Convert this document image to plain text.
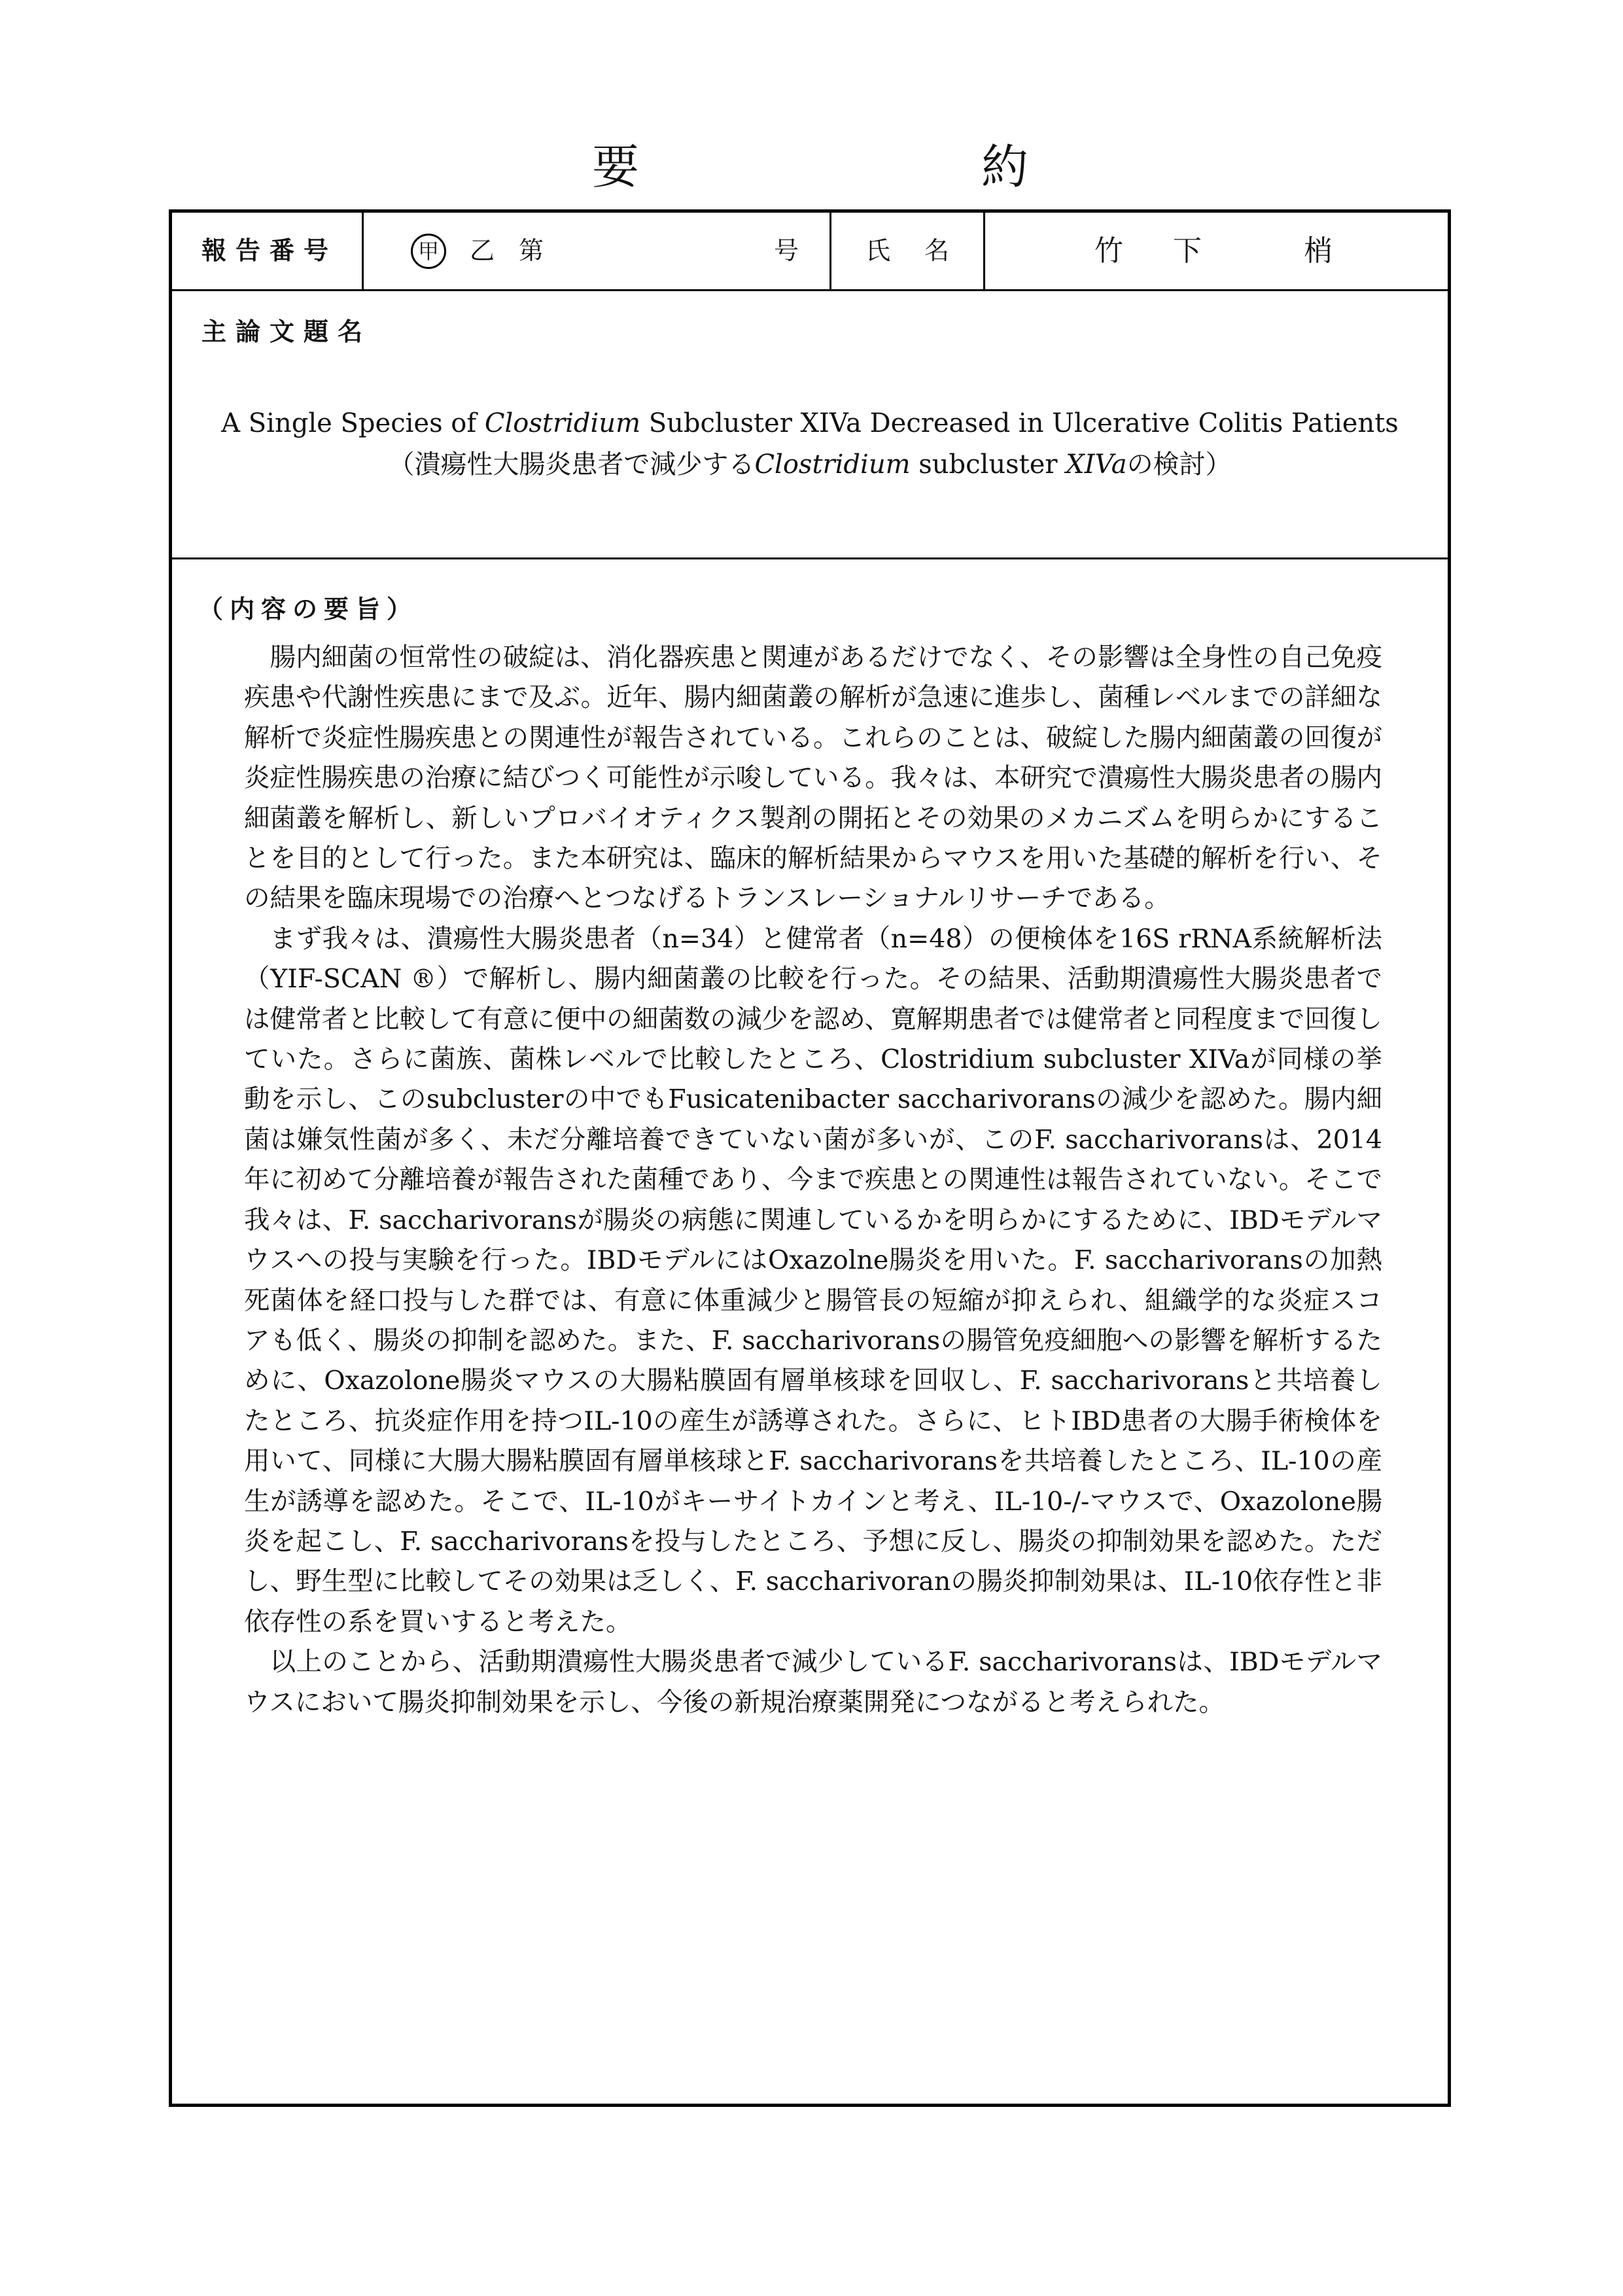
要	約
報告番号	甲 乙 第	号	氏 名	竹 下	梢
主論文題名
A Single Species of Clostridium Subcluster XIVa Decreased in Ulcerative Colitis Patients
（潰瘍性大腸炎患者で減少するClostridium subcluster XIVaの検討）
（内容の要旨）

腸内細菌の恒常性の破綻は、消化器疾患と関連があるだけでなく、その影響は全身性の自己免疫疾患や代謝性疾患にまで及ぶ。近年、腸内細菌叢の解析が急速に進歩し、菌種レベルまでの詳細な解析で炎症性腸疾患との関連性が報告されている。これらのことは、破綻した腸内細菌叢の回復が炎症性腸疾患の治療に結びつく可能性が示唆している。我々は、本研究で潰瘍性大腸炎患者の腸内細菌叢を解析し、新しいプロバイオティクス製剤の開拓とその効果のメカニズムを明らかにすることを目的として行った。また本研究は、臨床的解析結果からマウスを用いた基礎的解析を行い、その結果を臨床現場での治療へとつなげるトランスレーショナルリサーチである。

まず我々は、潰瘍性大腸炎患者（n=34）と健常者（n=48）の便検体を16S rRNA系統解析法（YIF-SCAN ®）で解析し、腸内細菌叢の比較を行った。その結果、活動期潰瘍性大腸炎患者では健常者と比較して有意に便中の細菌数の減少を認め、寛解期患者では健常者と同程度まで回復していた。さらに菌族、菌株レベルで比較したところ、Clostridium subcluster XIVaが同様の挙動を示し、このsubclusterの中でもFusicatenibacter saccharivoransの減少を認めた。腸内細菌は嫌気性菌が多く、未だ分離培養できていない菌が多いが、このF. saccharivoransは、2014年に初めて分離培養が報告された菌種であり、今まで疾患との関連性は報告されていない。そこで我々は、F. saccharivoransが腸炎の病態に関連しているかを明らかにするために、IBDモデルマウスへの投与実験を行った。IBDモデルにはOxazolne腸炎を用いた。F. saccharivoransの加熱死菌体を経口投与した群では、有意に体重減少と腸管長の短縮が抑えられ、組織学的な炎症スコアも低く、腸炎の抑制を認めた。また、F. saccharivoransの腸管免疫細胞への影響を解析するために、Oxazolone腸炎マウスの大腸粘膜固有層単核球を回収し、F. saccharivoransと共培養したところ、抗炎症作用を持つIL-10の産生が誘導された。さらに、ヒトIBD患者の大腸手術検体を用いて、同様に大腸大腸粘膜固有層単核球とF. saccharivoransを共培養したところ、IL-10の産生が誘導を認めた。そこで、IL-10がキーサイトカインと考え、IL-10-/-マウスで、Oxazolone腸炎を起こし、F. saccharivoransを投与したところ、予想に反し、腸炎の抑制効果を認めた。ただし、野生型に比較してその効果は乏しく、F. saccharivoranの腸炎抑制効果は、IL-10依存性と非依存性の系を買いすると考えた。

以上のことから、活動期潰瘍性大腸炎患者で減少しているF. saccharivoransは、IBDモデルマウスにおいて腸炎抑制効果を示し、今後の新規治療薬開発につながると考えられた。
